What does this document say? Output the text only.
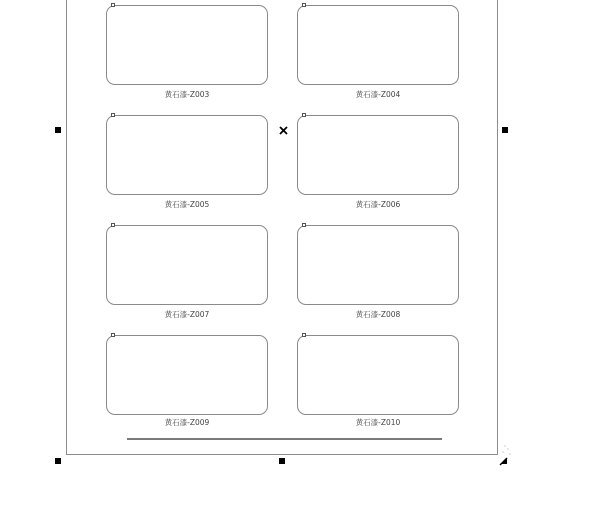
黄石漆-Z003	黄石漆-Z004
黄石漆-Z005	黄石漆-Z006
黄石漆-Z007	黄石漆-Z008
黄石漆-Z009	黄石漆-Z010
